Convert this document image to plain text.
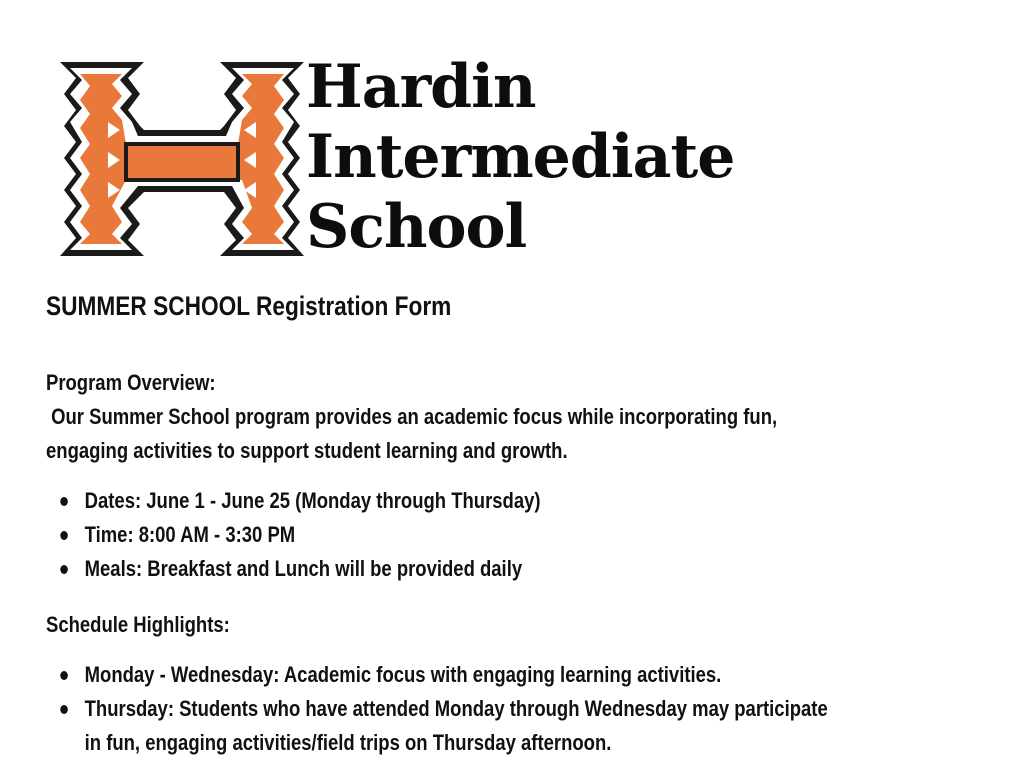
Hardin
Intermediate
School
SUMMER SCHOOL Registration Form
Program Overview:
Our Summer School program provides an academic focus while incorporating fun,
engaging activities to support student learning and growth.
Dates: June 1 - June 25 (Monday through Thursday)
Time: 8:00 AM - 3:30 PM
Meals: Breakfast and Lunch will be provided daily
Schedule Highlights:
Monday - Wednesday: Academic focus with engaging learning activities.
Thursday: Students who have attended Monday through Wednesday may participate
in fun, engaging activities/field trips on Thursday afternoon.
